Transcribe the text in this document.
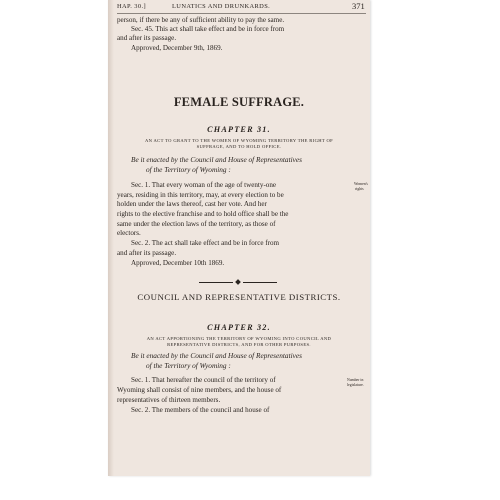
HAP. 30.]	LUNATICS AND DRUNKARDS.	371
person, if there be any of sufficient ability to pay the same.
Sec. 45. This act shall take effect and be in force from
and after its passage.
Approved, December 9th, 1869.
FEMALE SUFFRAGE.
CHAPTER 31.
AN ACT TO GRANT TO THE WOMEN OF WYOMING TERRITORY THE RIGHT OF
SUFFRAGE, AND TO HOLD OFFICE.
Be it enacted by the Council and House of Representatives
of the Territory of Wyoming :
Women's
rights
Sec. 1. That every woman of the age of twenty-one
years, residing in this territory, may, at every election to be
holden under the laws thereof, cast her vote. And her
rights to the elective franchise and to hold office shall be the
same under the election laws of the territory, as those of
electors.
Sec. 2. The act shall take effect and be in force from
and after its passage.
Approved, December 10th 1869.
COUNCIL AND REPRESENTATIVE DISTRICTS.
CHAPTER 32.
AN ACT APPORTIONING THE TERRITORY OF WYOMING INTO COUNCIL AND
REPRESENTATIVE DISTRICTS, AND FOR OTHER PURPOSES.
Be it enacted by the Council and House of Representatives
of the Territory of Wyoming :
Number in
legislature.
Sec. 1. That hereafter the council of the territory of
Wyoming shall consist of nine members, and the house of
representatives of thirteen members.
Sec. 2. The members of the council and house of
